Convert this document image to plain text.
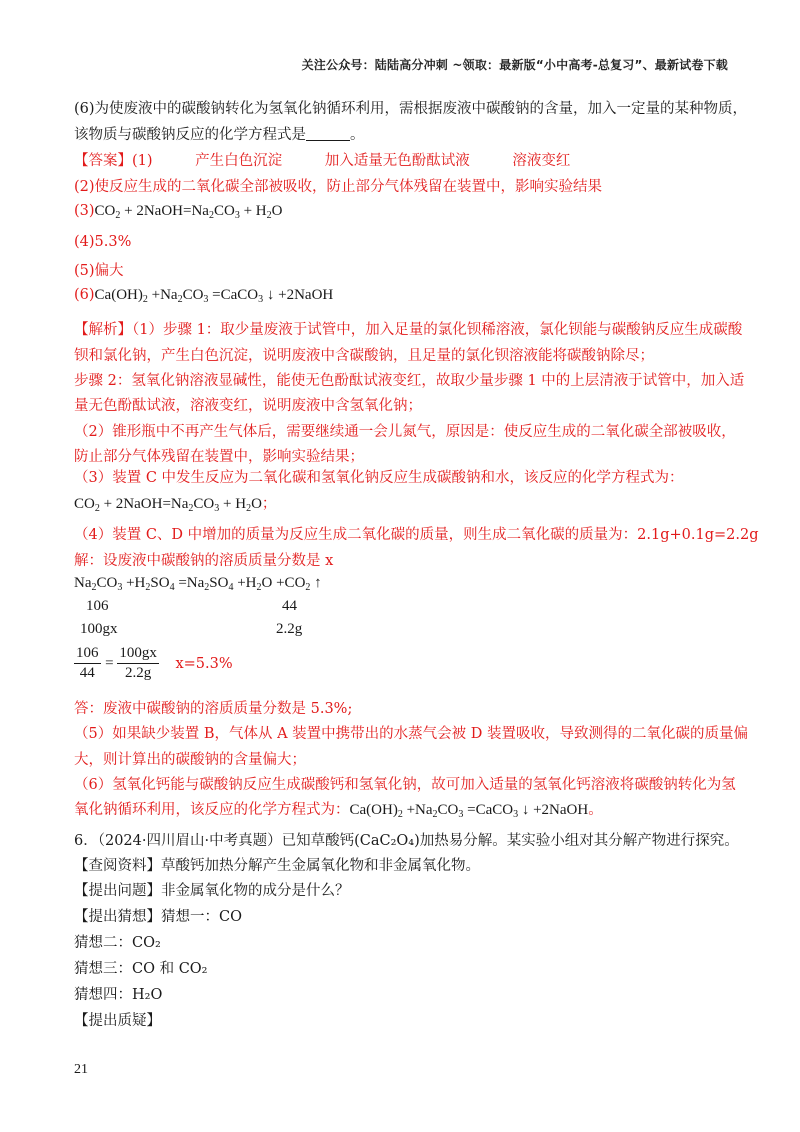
关注公众号：陆陆高分冲刺 ~领取：最新版“小中高考-总复习”、最新试卷下载
(6)为使废液中的碳酸钠转化为氢氧化钠循环利用，需根据废液中碳酸钠的含量，加入一定量的某种物质，
该物质与碳酸钠反应的化学方程式是	。
【答案】(1)	产生白色沉淀	加入适量无色酚酞试液	溶液变红
(2)使反应生成的二氧化碳全部被吸收，防止部分气体残留在装置中，影响实验结果
$(3)CO_2$ + $2NaOH=Na_2CO_3 + H_2O$
(4)5.3%
(5)偏大
$(6)Ca(OH)_2 +Na_2CO_3$ =CaCO$_3$ ↓ +2NaOH
【解析】（1）步骤 1：取少量废液于试管中，加入足量的氯化钡稀溶液，氯化钡能与碳酸钠反应生成碳酸
钡和氯化钠，产生白色沉淀，说明废液中含碳酸钠，且足量的氯化钡溶液能将碳酸钠除尽；
步骤 2：氢氧化钠溶液显碱性，能使无色酚酞试液变红，故取少量步骤 1 中的上层清液于试管中，加入适
量无色酚酞试液，溶液变红，说明废液中含氢氧化钠；
（2）锥形瓶中不再产生气体后，需要继续通一会儿氮气，原因是：使反应生成的二氧化碳全部被吸收，
防止部分气体残留在装置中，影响实验结果；
（3）装置 C 中发生反应为二氧化碳和氢氧化钠反应生成碳酸钠和水，该反应的化学方程式为：
$CO_2$ + $2NaOH=Na_2CO_3 + H_2O$；
（4）装置 C、D 中增加的质量为反应生成二氧化碳的质量，则生成二氧化碳的质量为：2.1g+0.1g=2.2g
解：设废液中碳酸钠的溶质质量分数是 x
$Na_2CO_3 +H_2SO_4 =Na_2SO_4 +H_2O +CO_2$ ↑
106	44
100gx	2.2g
$\frac{106}{44} = \frac{100gx}{2.2g} x=5.3\%$
答：废液中碳酸钠的溶质质量分数是 5.3%;
（5）如果缺少装置 B，气体从 A 装置中携带出的水蒸气会被 D 装置吸收，导致测得的二氧化碳的质量偏
大，则计算出的碳酸钠的含量偏大；
（6）氢氧化钙能与碳酸钠反应生成碳酸钙和氢氧化钠，故可加入适量的氢氧化钙溶液将碳酸钠转化为氢
氧化钠循环利用，该反应的化学方程式为：$Ca(OH)_2 +Na_2CO_3$ =CaCO$_3$ ↓ +2NaOH。
6．（2024·四川眉山·中考真题）已知草酸钙(CaC₂O₄)加热易分解。某实验小组对其分解产物进行探究。
【查阅资料】草酸钙加热分解产生金属氧化物和非金属氧化物。
【提出问题】非金属氧化物的成分是什么？
【提出猜想】猜想一：CO
猜想二：CO₂
猜想三：CO 和 CO₂
猜想四：H₂O
【提出质疑】
21
